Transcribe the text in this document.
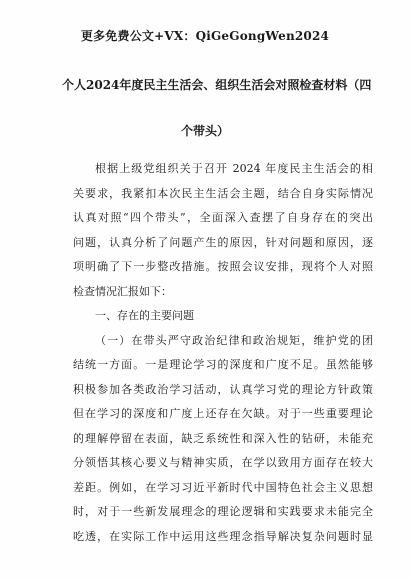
更多免费公文+VX：QiGeGongWen2024
个人2024年度民主生活会、组织生活会对照检查材料（四
个带头）
根据上级党组织关于召开 2024 年度民主生活会的相
关要求，我紧扣本次民主生活会主题，结合自身实际情况
认真对照“四个带头”，全面深入查摆了自身存在的突出
问题，认真分析了问题产生的原因，针对问题和原因，逐
项明确了下一步整改措施。按照会议安排，现将个人对照
检查情况汇报如下：
一、存在的主要问题
（一）在带头严守政治纪律和政治规矩，维护党的团
结统一方面。一是理论学习的深度和广度不足。虽然能够
积极参加各类政治学习活动，认真学习党的理论方针政策
但在学习的深度和广度上还存在欠缺。对于一些重要理论
的理解停留在表面，缺乏系统性和深入性的钻研，未能充
分领悟其核心要义与精神实质，在学以致用方面存在较大
差距。例如，在学习习近平新时代中国特色社会主义思想
时，对于一些新发展理念的理论逻辑和实践要求未能完全
吃透，在实际工作中运用这些理念指导解决复杂问题时显
